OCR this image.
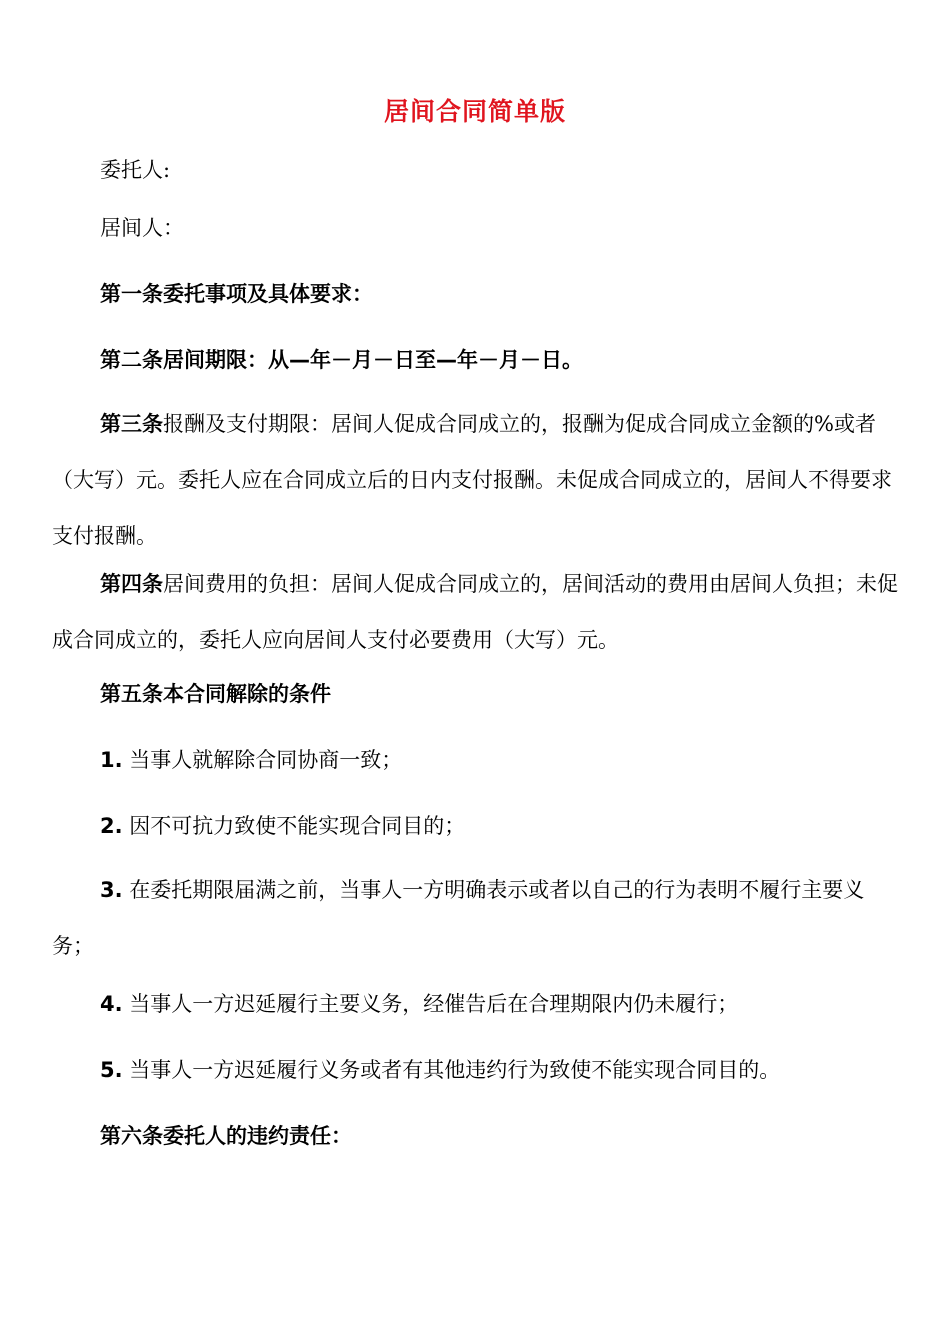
居间合同简单版
委托人:
居间人：
第一条委托事项及具体要求：
第二条居间期限：从—年－月－日至—年－月－日。
第三条报酬及支付期限：居间人促成合同成立的，报酬为促成合同成立金额的%或者（大写）元。委托人应在合同成立后的日内支付报酬。未促成合同成立的，居间人不得要求支付报酬。
第四条居间费用的负担：居间人促成合同成立的，居间活动的费用由居间人负担；未促成合同成立的，委托人应向居间人支付必要费用（大写）元。
第五条本合同解除的条件
1. 当事人就解除合同协商一致；
2. 因不可抗力致使不能实现合同目的；
3. 在委托期限届满之前，当事人一方明确表示或者以自己的行为表明不履行主要义务；
4. 当事人一方迟延履行主要义务，经催告后在合理期限内仍未履行；
5. 当事人一方迟延履行义务或者有其他违约行为致使不能实现合同目的。
第六条委托人的违约责任：
